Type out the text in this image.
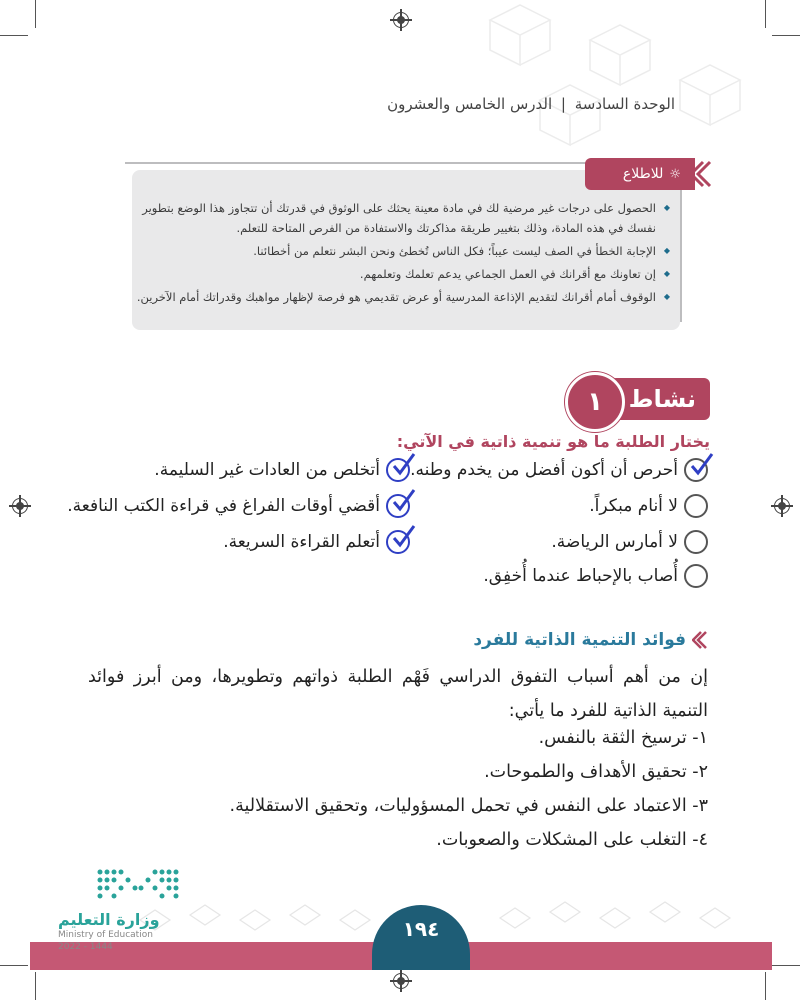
الوحدة السادسة | الدرس الخامس والعشرون
☼
للاطلاع
◆ الحصول على درجات غير مرضية لك في مادة معينة يحثك على الوثوق في قدرتك أن تتجاوز هذا الوضع بتطوير نفسك في هذه المادة، وذلك بتغيير طريقة مذاكرتك والاستفادة من الفرص المتاحة للتعلم.
◆ الإجابة الخطأ في الصف ليست عيباً؛ فكل الناس تُخطئ ونحن البشر نتعلم من أخطائنا.
◆ إن تعاونك مع أقرانك في العمل الجماعي يدعم تعلمك وتعلمهم.
◆ الوقوف أمام أقرانك لتقديم الإذاعة المدرسية أو عرض تقديمي هو فرصة لإظهار مواهبك وقدراتك أمام الآخرين.
نشاط
١
يختار الطلبة ما هو تنمية ذاتية في الآتي:
أحرص أن أكون أفضل من يخدم وطنه.
لا أنام مبكراً.
لا أمارس الرياضة.
أُصاب بالإحباط عندما أُخفِق.
أتخلص من العادات غير السليمة.
أقضي أوقات الفراغ في قراءة الكتب النافعة.
أتعلم القراءة السريعة.
فوائد التنمية الذاتية للفرد
إن من أهم أسباب التفوق الدراسي فَهْم الطلبة ذواتهم وتطويرها، ومن أبرز فوائد التنمية الذاتية للفرد ما يأتي:
١- ترسيخ الثقة بالنفس.
٢- تحقيق الأهداف والطموحات.
٣- الاعتماد على النفس في تحمل المسؤوليات، وتحقيق الاستقلالية.
٤- التغلب على المشكلات والصعوبات.
١٩٤
وزارة التعليم
Ministry of Education
2022 - 1444
